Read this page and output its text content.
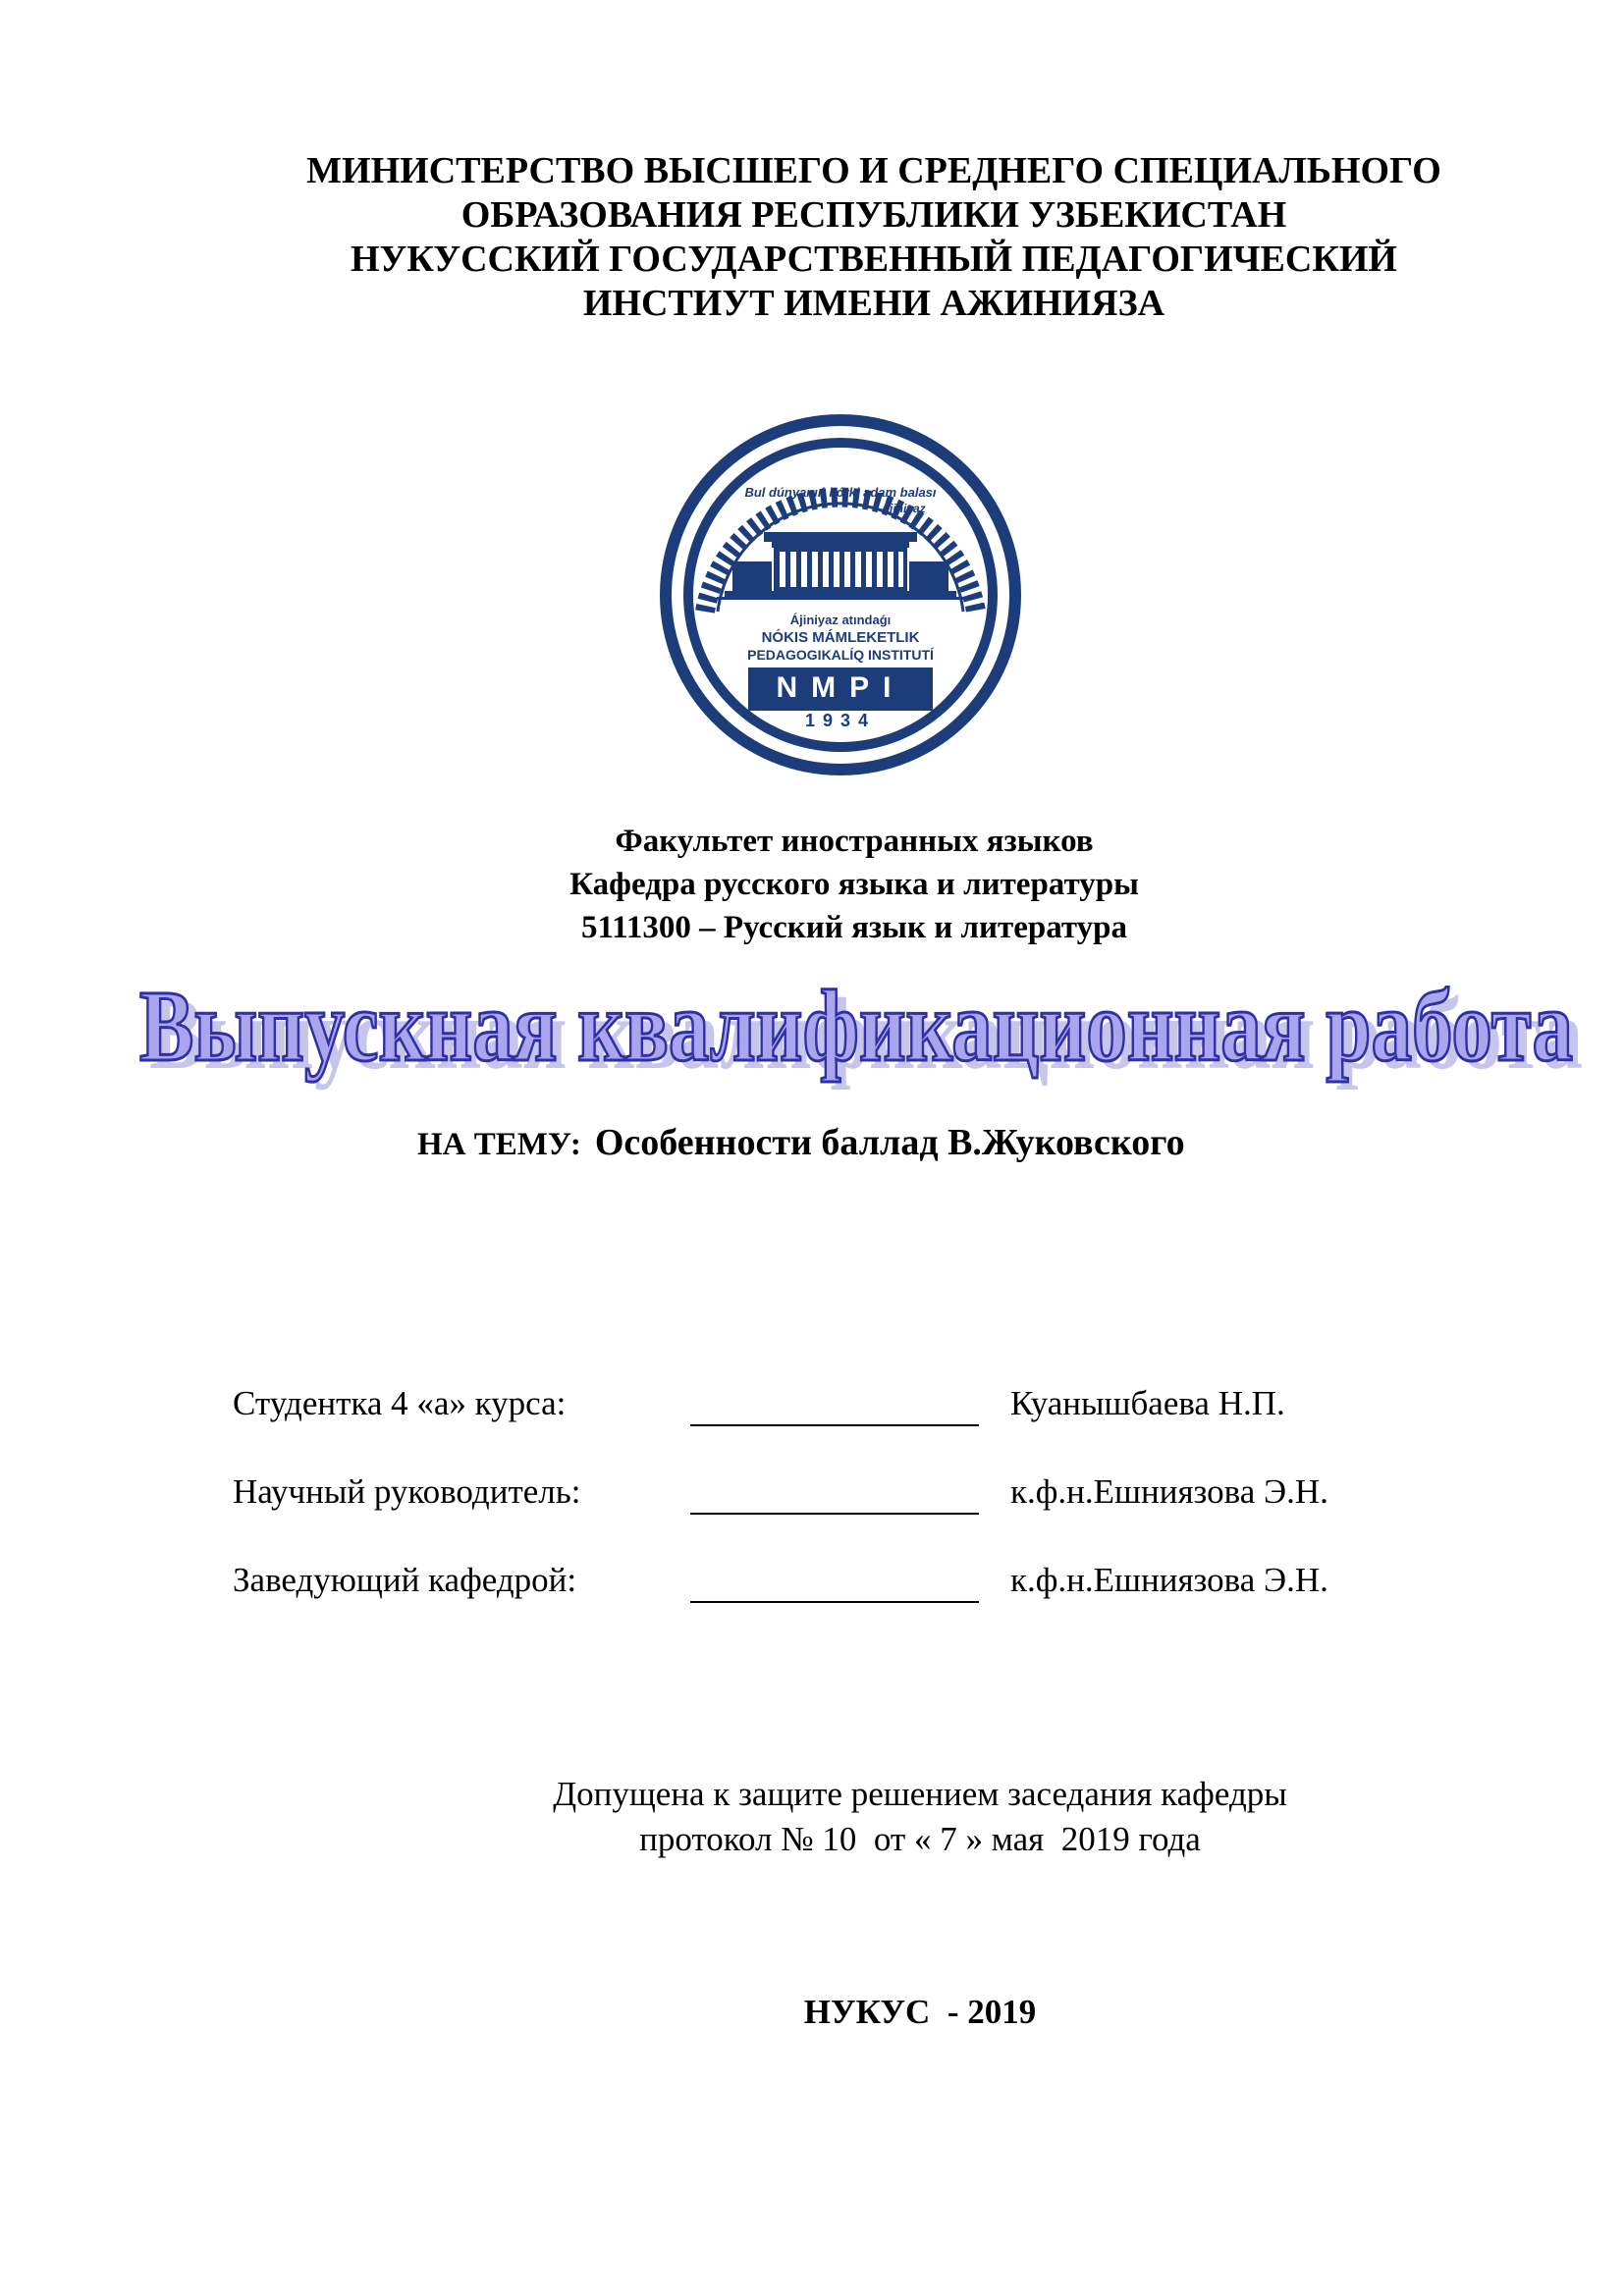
МИНИСТЕРСТВО ВЫСШЕГО И СРЕДНЕГО СПЕЦИАЛЬНОГО
ОБРАЗОВАНИЯ РЕСПУБЛИКИ УЗБЕКИСТАН
НУКУССКИЙ ГОСУДАРСТВЕННЫЙ ПЕДАГОГИЧЕСКИЙ
ИНСТИУТ ИМЕНИ АЖИНИЯЗА
Bul dúnyanıń kórki adam balası
Ájiniyaz
Ájiniyaz atındaǵı
NÓKIS MÁMLEKETLIK
PEDAGOGIKALÍQ INSTITUTÍ
NMPI
1934
Факультет иностранных языков
Кафедра русского языка и литературы
5111300 – Русский язык и литература
Выпускная квалификационная работа
Выпускная квалификационная работа
НА ТЕМУ: Особенности баллад В.Жуковского
Студентка 4 «а» курса:	Куанышбаева Н.П.
Научный руководитель:	к.ф.н.Ешниязова Э.Н.
Заведующий кафедрой:	к.ф.н.Ешниязова Э.Н.
Допущена к защите решением заседания кафедры
протокол № 10  от « 7 » мая  2019 года
НУКУС  - 2019
